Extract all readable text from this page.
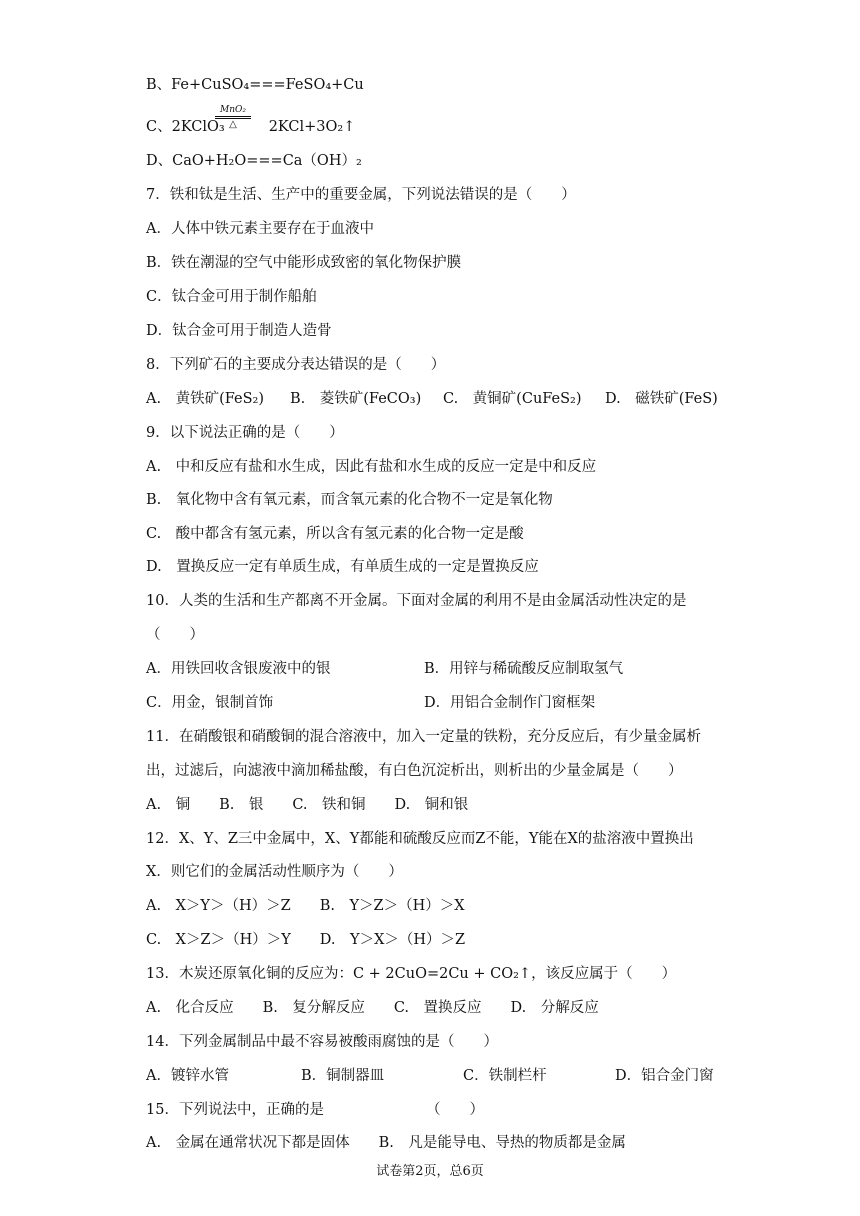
B、Fe+CuSO₄===FeSO₄+Cu
C、2KClO₃	2KCl+3O₂↑
MnO₂
△
D、CaO+H₂O===Ca（OH）₂
7．铁和钛是生活、生产中的重要金属，下列说法错误的是（　　）
A．人体中铁元素主要存在于血液中
B．铁在潮湿的空气中能形成致密的氧化物保护膜
C．钛合金可用于制作船舶
D．钛合金可用于制造人造骨
8．下列矿石的主要成分表达错误的是（　　）
A.　黄铁矿(FeS₂) B.　菱铁矿(FeCO₃) C.　黄铜矿(CuFeS₂) D.　磁铁矿(FeS)
9．以下说法正确的是（　　）
A.　中和反应有盐和水生成，因此有盐和水生成的反应一定是中和反应
B.　氧化物中含有氧元素，而含氧元素的化合物不一定是氧化物
C.　酸中都含有氢元素，所以含有氢元素的化合物一定是酸
D.　置换反应一定有单质生成，有单质生成的一定是置换反应
10．人类的生活和生产都离不开金属。下面对金属的利用不是由金属活动性决定的是
（　　）
A．用铁回收含银废液中的银	B．用锌与稀硫酸反应制取氢气
C．用金，银制首饰	D．用铝合金制作门窗框架
11．在硝酸银和硝酸铜的混合溶液中，加入一定量的铁粉，充分反应后，有少量金属析
出，过滤后，向滤液中滴加稀盐酸，有白色沉淀析出，则析出的少量金属是（　　）
A.　铜　　B.　银　　C.　铁和铜　　D.　铜和银
12．X、Y、Z三中金属中，X、Y都能和硫酸反应而Z不能，Y能在X的盐溶液中置换出
X．则它们的金属活动性顺序为（　　）
A.　X＞Y＞（H）＞Z　　B.　Y＞Z＞（H）＞X
C.　X＞Z＞（H）＞Y　　D.　Y＞X＞（H）＞Z
13．木炭还原氧化铜的反应为：C + 2CuO=2Cu + CO₂↑，该反应属于（　　）
A.　化合反应　　B.　复分解反应　　C.　置换反应　　D.　分解反应
14．下列金属制品中最不容易被酸雨腐蚀的是（　　）
A．镀锌水管	B．铜制器皿	C．铁制栏杆	D．铝合金门窗
15．下列说法中，正确的是	（　　）
A.　金属在通常状况下都是固体　　B.　凡是能导电、导热的物质都是金属
试卷第2页，总6页
